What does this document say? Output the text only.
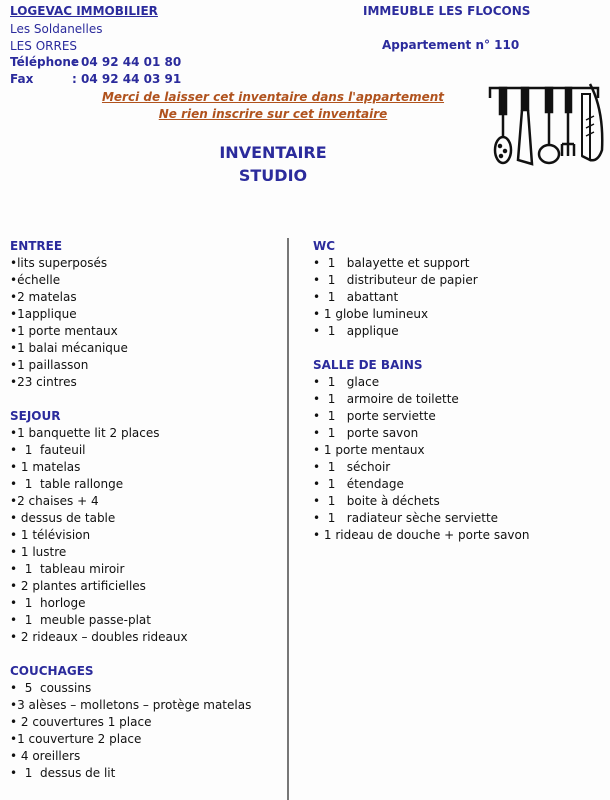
LOGEVAC IMMOBILIER
Les Soldanelles
LES ORRES
Téléphone
: 04 92 44 01 80
Fax	: 04 92 44 03 91
IMMEUBLE LES FLOCONS
Appartement n° 110
Merci de laisser cet inventaire dans l'appartement
Ne rien inscrire sur cet inventaire
INVENTAIRE
STUDIO
ENTREE
•lits superposés
•échelle
•2 matelas
•1applique
•1 porte mentaux
•1 balai mécanique
•1 paillasson
•23 cintres
SEJOUR
•1 banquette lit 2 places
•  1  fauteuil
• 1 matelas
•  1  table rallonge
•2 chaises + 4
• dessus de table
• 1 télévision
• 1 lustre
•  1  tableau miroir
• 2 plantes artificielles
•  1  horloge
•  1  meuble passe-plat
• 2 rideaux – doubles rideaux
COUCHAGES
•  5  coussins
•3 alèses – molletons – protège matelas
• 2 couvertures 1 place
•1 couverture 2 place
• 4 oreillers
•  1  dessus de lit
WC
•  1   balayette et support
•  1   distributeur de papier
•  1   abattant
• 1 globe lumineux
•  1   applique
SALLE DE BAINS
•  1   glace
•  1   armoire de toilette
•  1   porte serviette
•  1   porte savon
• 1 porte mentaux
•  1   séchoir
•  1   étendage
•  1   boite à déchets
•  1   radiateur sèche serviette
• 1 rideau de douche + porte savon
